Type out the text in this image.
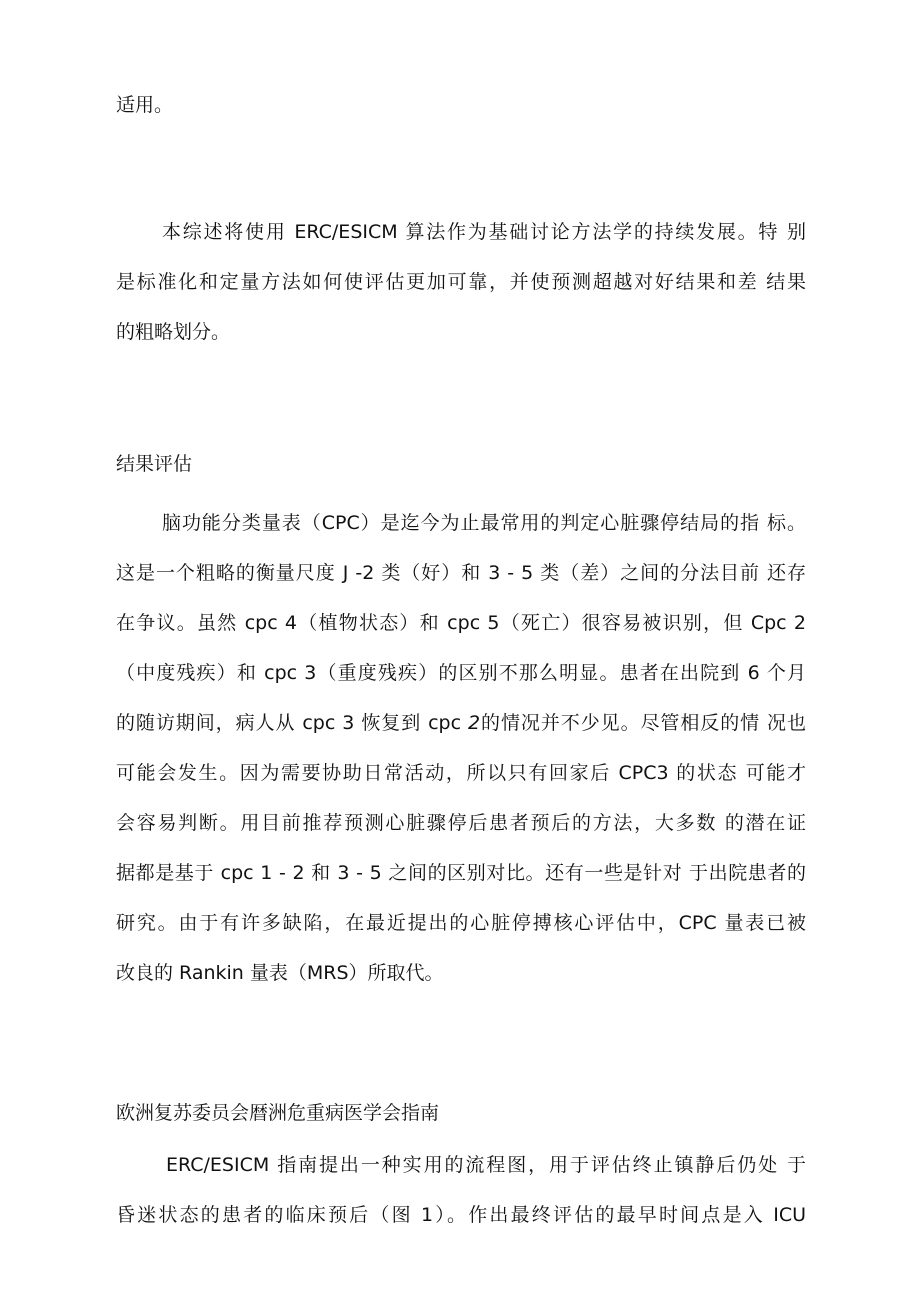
适用。
本综述将使用 ERC/ESICM 算法作为基础讨论方法学的持续发展。特 别
是标准化和定量方法如何使评估更加可靠，并使预测超越对好结果和差 结果
的粗略划分。
结果评估
脑功能分类量表（CPC）是迄今为止最常用的判定心脏骤停结局的指 标。
这是一个粗略的衡量尺度 J -2 类（好）和 3 - 5 类（差）之间的分法目前 还存
在争议。虽然 cpc 4（植物状态）和 cpc 5（死亡）很容易被识别，但 Cpc 2
（中度残疾）和 cpc 3（重度残疾）的区别不那么明显。患者在出院到 6 个月
的随访期间，病人从 cpc 3 恢复到 cpc 2的情况并不少见。尽管相反的情 况也
可能会发生。因为需要协助日常活动，所以只有回家后 CPC3 的状态 可能才
会容易判断。用目前推荐预测心脏骤停后患者预后的方法，大多数 的潜在证
据都是基于 cpc 1 - 2 和 3 - 5 之间的区别对比。还有一些是针对 于出院患者的
研究。由于有许多缺陷，在最近提出的心脏停搏核心评估中，CPC 量表已被
改良的 Rankin 量表（MRS）所取代。
欧洲复苏委员会暦洲危重病医学会指南
ERC/ESICM 指南提出一种实用的流程图，用于评估终止镇静后仍处 于
昏迷状态的患者的临床预后（图 1）。作出最终评估的最早时间点是入 ICU
